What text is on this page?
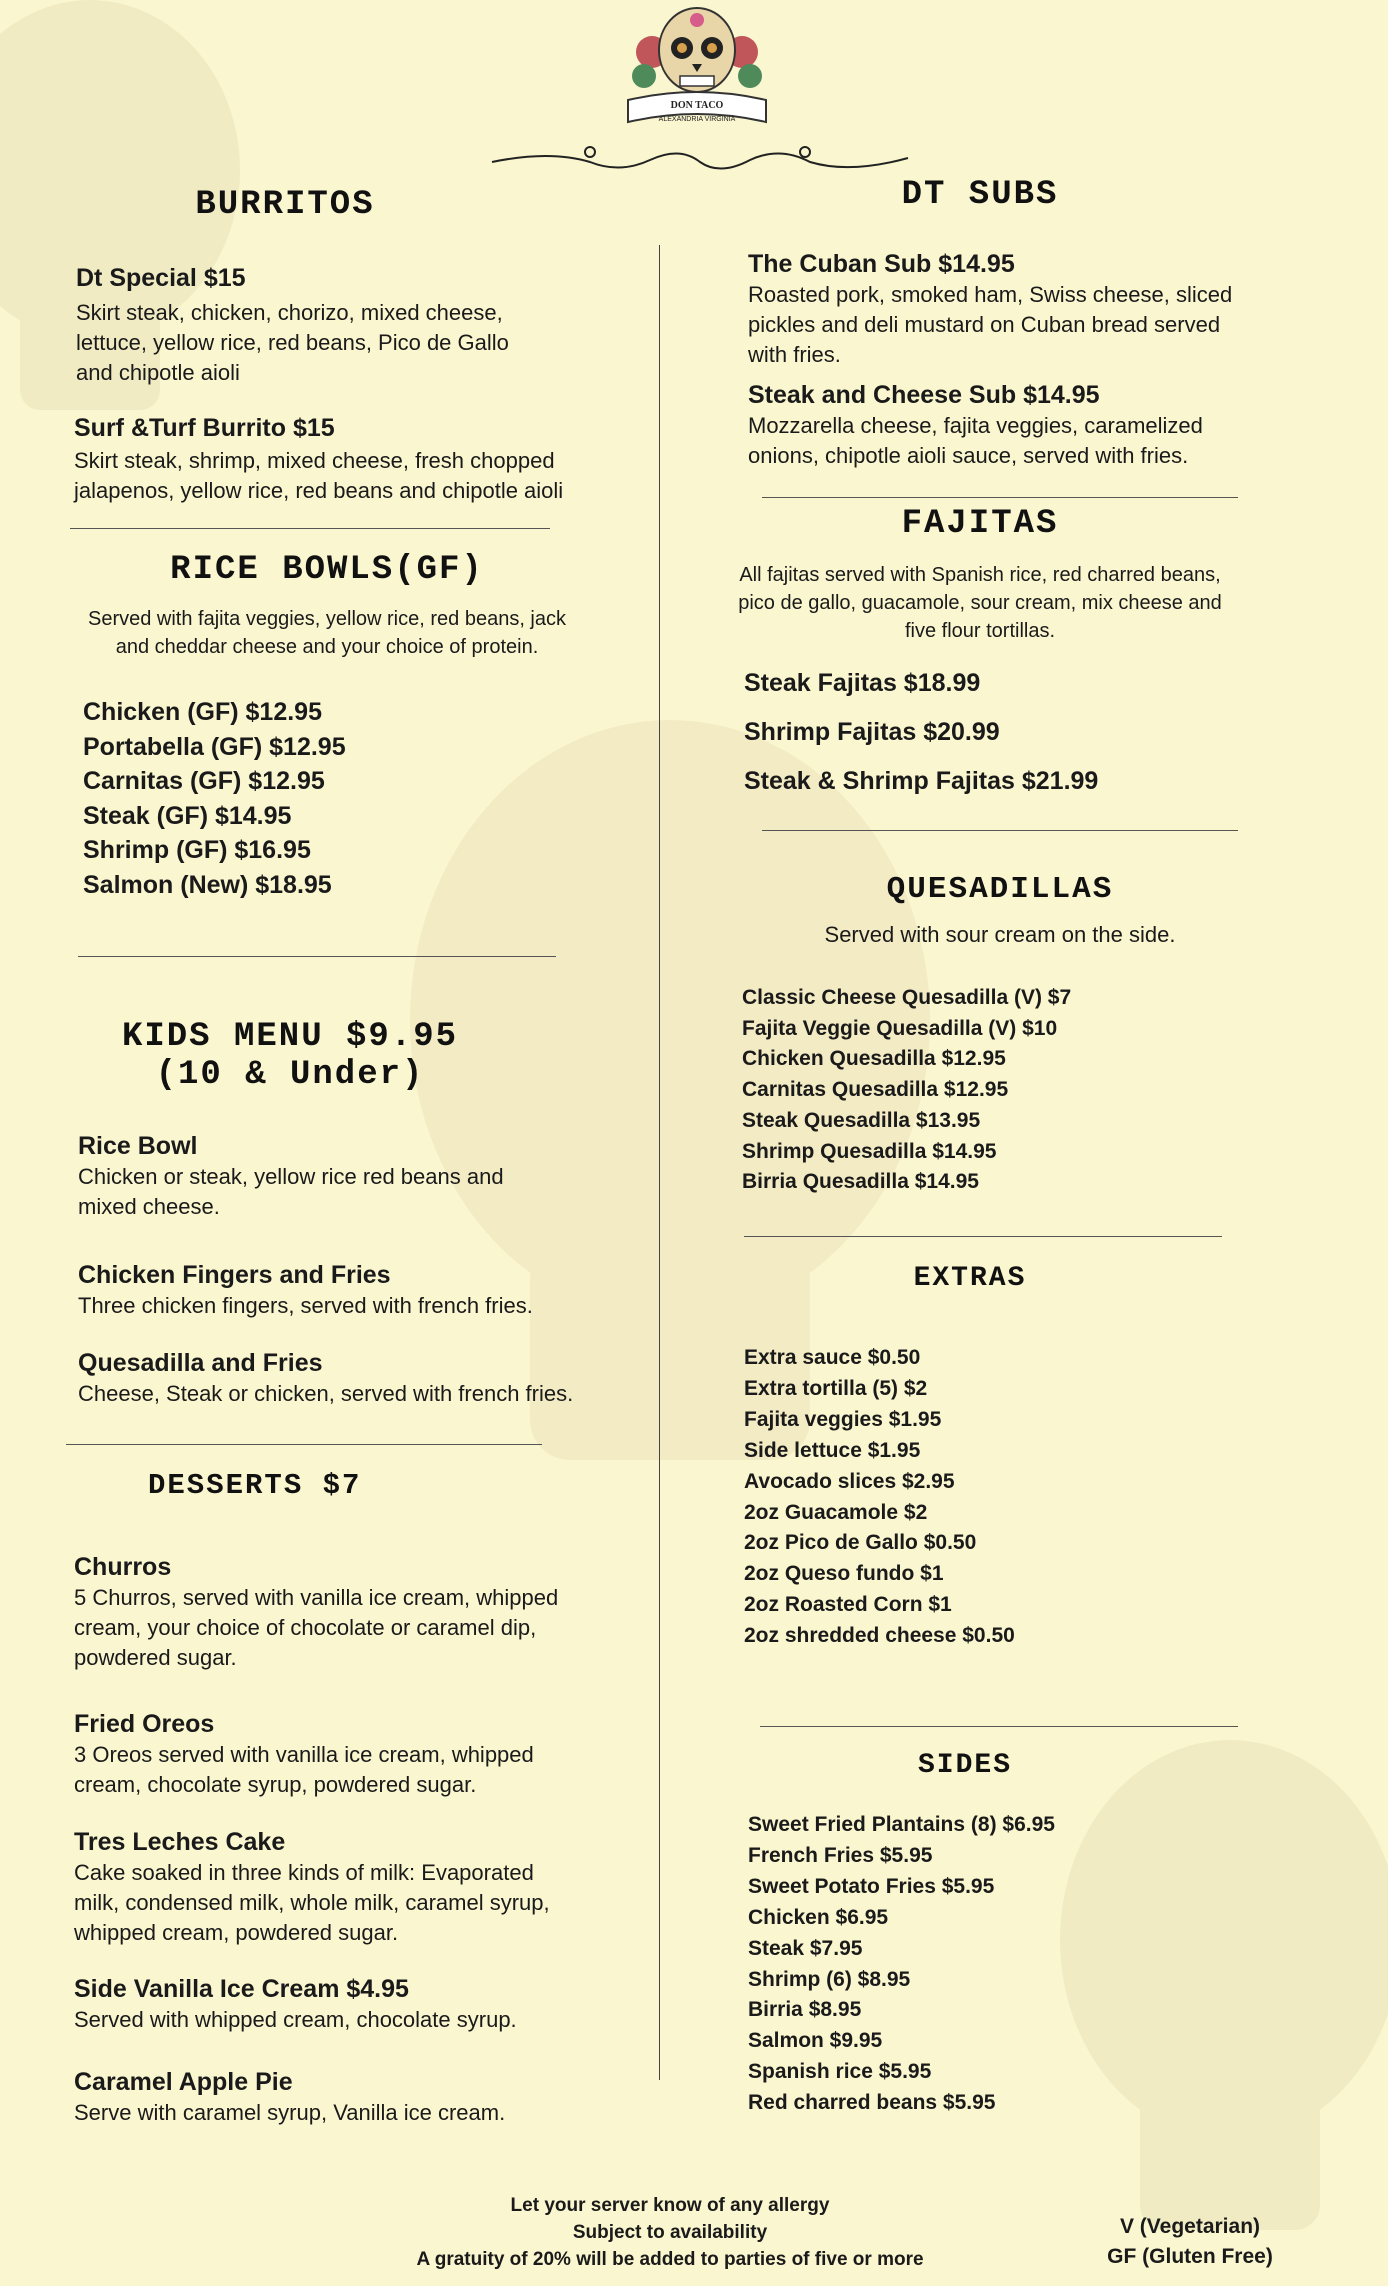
DON TACO
ALEXANDRIA VIRGINIA
BURRITOS
Dt Special $15
Skirt steak, chicken, chorizo, mixed cheese,
lettuce, yellow rice, red beans, Pico de Gallo
and chipotle aioli
Surf &Turf Burrito $15
Skirt steak, shrimp, mixed cheese, fresh chopped
jalapenos, yellow rice, red beans and chipotle aioli
RICE BOWLS(GF)
Served with fajita veggies, yellow rice, red beans, jack
and cheddar cheese and your choice of protein.
Chicken (GF) $12.95
Portabella (GF) $12.95
Carnitas (GF) $12.95
Steak (GF) $14.95
Shrimp (GF) $16.95
Salmon (New) $18.95
KIDS MENU $9.95
(10 & Under)
Rice Bowl
Chicken or steak, yellow rice red beans and
mixed cheese.
Chicken Fingers and Fries
Three chicken fingers, served with french fries.
Quesadilla and Fries
Cheese, Steak or chicken, served with french fries.
DESSERTS $7
Churros
5 Churros, served with vanilla ice cream, whipped
cream, your choice of chocolate or caramel dip,
powdered sugar.
Fried Oreos
3 Oreos served with vanilla ice cream, whipped
cream, chocolate syrup, powdered sugar.
Tres Leches Cake
Cake soaked in three kinds of milk: Evaporated
milk, condensed milk, whole milk, caramel syrup,
whipped cream, powdered sugar.
Side Vanilla Ice Cream $4.95
Served with whipped cream, chocolate syrup.
Caramel Apple Pie
Serve with caramel syrup, Vanilla ice cream.
DT SUBS
The Cuban Sub $14.95
Roasted pork, smoked ham, Swiss cheese, sliced
pickles and deli mustard on Cuban bread served
with fries.
Steak and Cheese Sub $14.95
Mozzarella cheese, fajita veggies, caramelized
onions, chipotle aioli sauce, served with fries.
FAJITAS
All fajitas served with Spanish rice, red charred beans,
pico de gallo, guacamole, sour cream, mix cheese and
five flour tortillas.
Steak Fajitas $18.99
Shrimp Fajitas $20.99
Steak & Shrimp Fajitas $21.99
QUESADILLAS
Served with sour cream on the side.
Classic Cheese Quesadilla (V) $7
Fajita Veggie Quesadilla (V) $10
Chicken Quesadilla $12.95
Carnitas Quesadilla $12.95
Steak Quesadilla $13.95
Shrimp Quesadilla $14.95
Birria Quesadilla $14.95
EXTRAS
Extra sauce $0.50
Extra tortilla (5) $2
Fajita veggies $1.95
Side lettuce $1.95
Avocado slices $2.95
2oz Guacamole $2
2oz Pico de Gallo $0.50
2oz Queso fundo $1
2oz Roasted Corn $1
2oz shredded cheese $0.50
SIDES
Sweet Fried Plantains (8) $6.95
French Fries $5.95
Sweet Potato Fries $5.95
Chicken $6.95
Steak $7.95
Shrimp (6) $8.95
Birria $8.95
Salmon $9.95
Spanish rice $5.95
Red charred beans $5.95
Let your server know of any allergy
Subject to availability
A gratuity of 20% will be added to parties of five or more
V (Vegetarian)
GF (Gluten Free)
